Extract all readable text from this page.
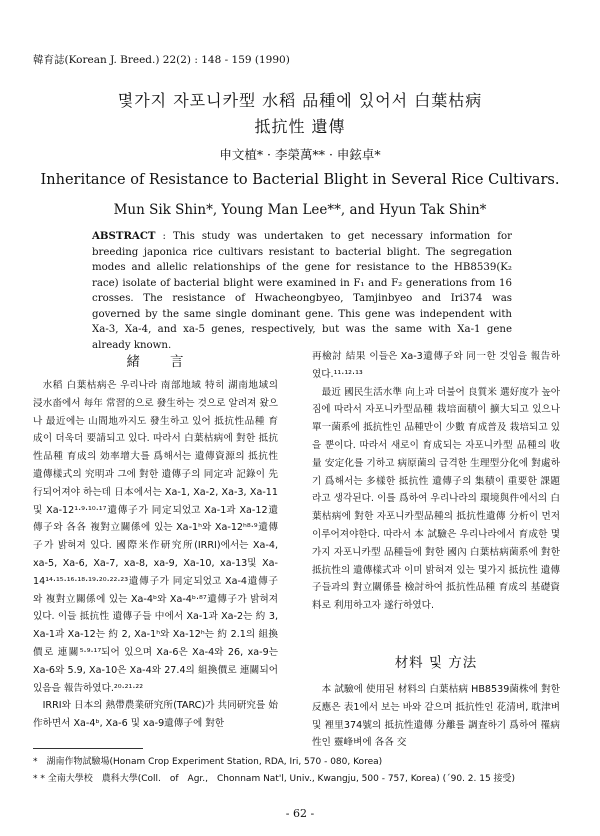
韓育誌(Korean J. Breed.) 22(2) : 148 - 159 (1990)
몇가지 자포니카型 水稻 品種에 있어서 白葉枯病
抵抗性 遺傳
申文植* · 李榮萬** · 申鉉卓*
Inheritance of Resistance to Bacterial Blight in Several Rice Cultivars.
Mun Sik Shin*, Young Man Lee**, and Hyun Tak Shin*
ABSTRACT : This study was undertaken to get necessary information for breeding japonica rice cultivars resistant to bacterial blight. The segregation modes and allelic relationships of the gene for resistance to the HB8539(K₂ race) isolate of bacterial blight were examined in F₁ and F₂ generations from 16 crosses. The resistance of Hwacheongbyeo, Tamjinbyeo and Iri374 was governed by the same single dominant gene. This gene was independent with Xa-3, Xa-4, and xa-5 genes, respectively, but was the same with Xa-1 gene already known.
緒　　言

水稻 白葉枯病은 우리나라 南部地域 特히 湖南地域의 浸水畓에서 每年 常習的으로 發生하는 것으로 알려져 왔으나 最近에는 山間地까지도 發生하고 있어 抵抗性品種 育成이 더욱더 要請되고 있다. 따라서 白葉枯病에 對한 抵抗性品種 育成의 効率增大를 爲해서는 遺傳資源의 抵抗性 遺傳樣式의 究明과 그에 對한 遺傳子의 同定과 記錄이 先行되어져야 하는데 日本에서는 Xa-1, Xa-2, Xa-3, Xa-11 및 Xa-12¹·⁹·¹⁰·¹⁷遺傳子가 同定되었고 Xa-1과 Xa-12遺傳子와 各各 複對立關係에 있는 Xa-1ʰ와 Xa-12ʰ⁸·⁹遺傳子가 밝혀져 있다. 國際米作研究所(IRRI)에서는 Xa-4, xa-5, Xa-6, Xa-7, xa-8, xa-9, Xa-10, xa-13및 Xa-14¹⁴·¹⁵·¹⁶·¹⁸·¹⁹·²⁰·²²·²³遺傳子가 同定되었고 Xa-4遺傳子와 複對立關係에 있는 Xa-4ᵇ와 Xa-4ᵇ·⁸⁷遺傳子가 밝혀져있다. 이들 抵抗性 遺傳子들 中에서 Xa-1과 Xa-2는 約 3, Xa-1과 Xa-12는 約 2, Xa-1ʰ와 Xa-12ʰ는 約 2.1의 組換價로 連關⁵·⁹·¹⁷되어 있으며 Xa-6은 Xa-4와 26, xa-9는 Xa-6와 5.9, Xa-10은 Xa-4와 27.4의 組換價로 連關되어 있음을 報告하였다.²⁰·²¹·²²

IRRI와 日本의 熱帶農業研究所(TARC)가 共同研究를 始作하면서 Xa-4ᵇ, Xa-6 및 xa-9遺傳子에 對한

再檢討 結果 이들은 Xa-3遺傳子와 同一한 것임을 報告하였다.¹¹·¹²·¹³

最近 國民生活水準 向上과 더불어 良質米 選好度가 높아짐에 따라서 자포니카型品種 栽培面積이 擴大되고 있으나 單一菌系에 抵抗性인 品種만이 少數 育成普及 栽培되고 있을 뿐이다. 따라서 새로이 育成되는 자포니카型 品種의 收量 安定化를 기하고 病原菌의 급격한 生理型分化에 對處하기 爲해서는 多樣한 抵抗性 遺傳子의 集積이 重要한 課題라고 생각된다. 이를 爲하여 우리나라의 環境與件에서의 白葉枯病에 對한 자포니카型品種의 抵抗性遺傳 分析이 먼저 이루어져야한다. 따라서 本 試驗은 우리나라에서 育成한 몇가지 자포니카型 品種들에 對한 國內 白葉枯病菌系에 對한 抵抗性의 遺傳樣式과 이미 밝혀져 있는 몇가지 抵抗性 遺傳子들과의 對立關係를 檢討하여 抵抗性品種 育成의 基礎資料로 利用하고자 遂行하였다.

材料 및 方法

本 試驗에 使用된 材料의 白葉枯病 HB8539菌株에 對한 反應은 表1에서 보는 바와 같으며 抵抗性인 花清벼, 耽津벼 및 裡里374號의 抵抗性遺傳 分離를 調査하기 爲하여 罹病性인 靈峰벼에 各各 交

*　湖南作物試驗場(Honam Crop Experiment Station, RDA, Iri, 570 - 080, Korea)
* * 全南大學校　農科大學(Coll.　of　Agr.,　Chonnam Nat'l, Univ., Kwangju, 500 - 757, Korea) (´90. 2. 15 接受)
- 62 -
